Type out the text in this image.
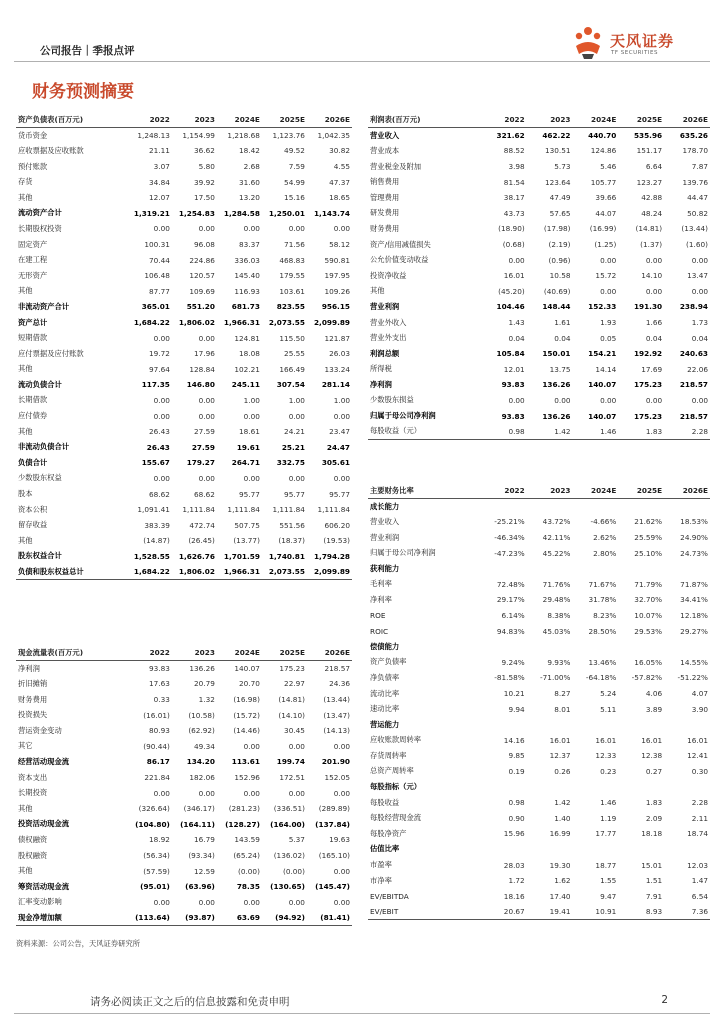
公司报告｜季报点评
天风证券
TF SECURITIES
财务预测摘要
资产负债表(百万元)	2022	2023	2024E	2025E	2026E
货币资金	1,248.13	1,154.99	1,218.68	1,123.76	1,042.35
应收票据及应收账款	21.11	36.62	18.42	49.52	30.82
预付账款	3.07	5.80	2.68	7.59	4.55
存货	34.84	39.92	31.60	54.99	47.37
其他	12.07	17.50	13.20	15.16	18.65
流动资产合计	1,319.21	1,254.83	1,284.58	1,250.01	1,143.74
长期股权投资	0.00	0.00	0.00	0.00	0.00
固定资产	100.31	96.08	83.37	71.56	58.12
在建工程	70.44	224.86	336.03	468.83	590.81
无形资产	106.48	120.57	145.40	179.55	197.95
其他	87.77	109.69	116.93	103.61	109.26
非流动资产合计	365.01	551.20	681.73	823.55	956.15
资产总计	1,684.22	1,806.02	1,966.31	2,073.55	2,099.89
短期借款	0.00	0.00	124.81	115.50	121.87
应付票据及应付账款	19.72	17.96	18.08	25.55	26.03
其他	97.64	128.84	102.21	166.49	133.24
流动负债合计	117.35	146.80	245.11	307.54	281.14
长期借款	0.00	0.00	1.00	1.00	1.00
应付债券	0.00	0.00	0.00	0.00	0.00
其他	26.43	27.59	18.61	24.21	23.47
非流动负债合计	26.43	27.59	19.61	25.21	24.47
负债合计	155.67	179.27	264.71	332.75	305.61
少数股东权益	0.00	0.00	0.00	0.00	0.00
股本	68.62	68.62	95.77	95.77	95.77
资本公积	1,091.41	1,111.84	1,111.84	1,111.84	1,111.84
留存收益	383.39	472.74	507.75	551.56	606.20
其他	(14.87)	(26.45)	(13.77)	(18.37)	(19.53)
股东权益合计	1,528.55	1,626.76	1,701.59	1,740.81	1,794.28
负债和股东权益总计	1,684.22	1,806.02	1,966.31	2,073.55	2,099.89
利润表(百万元)	2022	2023	2024E	2025E	2026E
营业收入	321.62	462.22	440.70	535.96	635.26
营业成本	88.52	130.51	124.86	151.17	178.70
营业税金及附加	3.98	5.73	5.46	6.64	7.87
销售费用	81.54	123.64	105.77	123.27	139.76
管理费用	38.17	47.49	39.66	42.88	44.47
研发费用	43.73	57.65	44.07	48.24	50.82
财务费用	(18.90)	(17.98)	(16.99)	(14.81)	(13.44)
资产/信用减值损失	(0.68)	(2.19)	(1.25)	(1.37)	(1.60)
公允价值变动收益	0.00	(0.96)	0.00	0.00	0.00
投资净收益	16.01	10.58	15.72	14.10	13.47
其他	(45.20)	(40.69)	0.00	0.00	0.00
营业利润	104.46	148.44	152.33	191.30	238.94
营业外收入	1.43	1.61	1.93	1.66	1.73
营业外支出	0.04	0.04	0.05	0.04	0.04
利润总额	105.84	150.01	154.21	192.92	240.63
所得税	12.01	13.75	14.14	17.69	22.06
净利润	93.83	136.26	140.07	175.23	218.57
少数股东损益	0.00	0.00	0.00	0.00	0.00
归属于母公司净利润	93.83	136.26	140.07	175.23	218.57
每股收益（元）	0.98	1.42	1.46	1.83	2.28
主要财务比率	2022	2023	2024E	2025E	2026E
成长能力					
营业收入	-25.21%	43.72%	-4.66%	21.62%	18.53%
营业利润	-46.34%	42.11%	2.62%	25.59%	24.90%
归属于母公司净利润	-47.23%	45.22%	2.80%	25.10%	24.73%
获利能力					
毛利率	72.48%	71.76%	71.67%	71.79%	71.87%
净利率	29.17%	29.48%	31.78%	32.70%	34.41%
ROE	6.14%	8.38%	8.23%	10.07%	12.18%
ROIC	94.83%	45.03%	28.50%	29.53%	29.27%
偿债能力					
资产负债率	9.24%	9.93%	13.46%	16.05%	14.55%
净负债率	-81.58%	-71.00%	-64.18%	-57.82%	-51.22%
流动比率	10.21	8.27	5.24	4.06	4.07
速动比率	9.94	8.01	5.11	3.89	3.90
营运能力					
应收账款周转率	14.16	16.01	16.01	16.01	16.01
存货周转率	9.85	12.37	12.33	12.38	12.41
总资产周转率	0.19	0.26	0.23	0.27	0.30
每股指标（元）					
每股收益	0.98	1.42	1.46	1.83	2.28
每股经营现金流	0.90	1.40	1.19	2.09	2.11
每股净资产	15.96	16.99	17.77	18.18	18.74
估值比率					
市盈率	28.03	19.30	18.77	15.01	12.03
市净率	1.72	1.62	1.55	1.51	1.47
EV/EBITDA	18.16	17.40	9.47	7.91	6.54
EV/EBIT	20.67	19.41	10.91	8.93	7.36
现金流量表(百万元)	2022	2023	2024E	2025E	2026E
净利润	93.83	136.26	140.07	175.23	218.57
折旧摊销	17.63	20.79	20.70	22.97	24.36
财务费用	0.33	1.32	(16.98)	(14.81)	(13.44)
投资损失	(16.01)	(10.58)	(15.72)	(14.10)	(13.47)
营运资金变动	80.93	(62.92)	(14.46)	30.45	(14.13)
其它	(90.44)	49.34	0.00	0.00	0.00
经营活动现金流	86.17	134.20	113.61	199.74	201.90
资本支出	221.84	182.06	152.96	172.51	152.05
长期投资	0.00	0.00	0.00	0.00	0.00
其他	(326.64)	(346.17)	(281.23)	(336.51)	(289.89)
投资活动现金流	(104.80)	(164.11)	(128.27)	(164.00)	(137.84)
债权融资	18.92	16.79	143.59	5.37	19.63
股权融资	(56.34)	(93.34)	(65.24)	(136.02)	(165.10)
其他	(57.59)	12.59	(0.00)	(0.00)	0.00
筹资活动现金流	(95.01)	(63.96)	78.35	(130.65)	(145.47)
汇率变动影响	0.00	0.00	0.00	0.00	0.00
现金净增加额	(113.64)	(93.87)	63.69	(94.92)	(81.41)
资料来源：公司公告，天风证券研究所
请务必阅读正文之后的信息披露和免责申明	2
